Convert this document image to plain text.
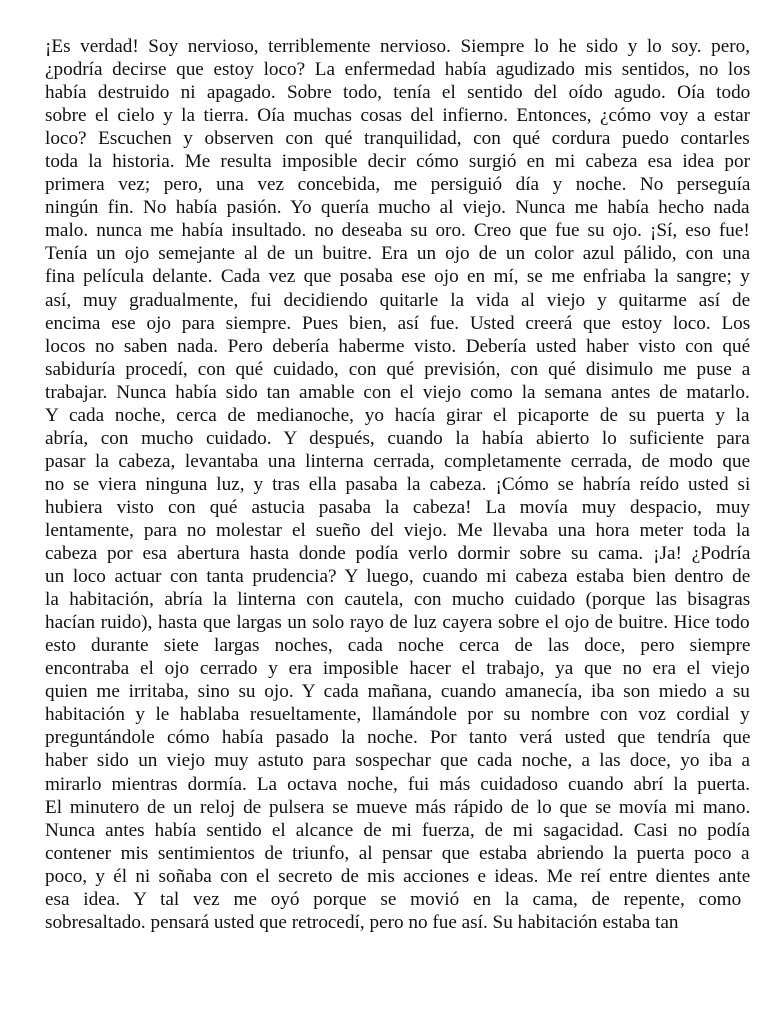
¡Es verdad! Soy nervioso, terriblemente nervioso. Siempre lo he sido y lo soy. pero,
¿podría decirse que estoy loco? La enfermedad había agudizado mis sentidos, no los
había destruido ni apagado. Sobre todo, tenía el sentido del oído agudo. Oía todo
sobre el cielo y la tierra. Oía muchas cosas del infierno. Entonces, ¿cómo voy a estar
loco? Escuchen y observen con qué tranquilidad, con qué cordura puedo contarles
toda la historia. Me resulta imposible decir cómo surgió en mi cabeza esa idea por
primera vez; pero, una vez concebida, me persiguió día y noche. No perseguía
ningún fin. No había pasión. Yo quería mucho al viejo. Nunca me había hecho nada
malo. nunca me había insultado. no deseaba su oro. Creo que fue su ojo. ¡Sí, eso fue!
Tenía un ojo semejante al de un buitre. Era un ojo de un color azul pálido, con una
fina película delante. Cada vez que posaba ese ojo en mí, se me enfriaba la sangre; y
así, muy gradualmente, fui decidiendo quitarle la vida al viejo y quitarme así de
encima ese ojo para siempre. Pues bien, así fue. Usted creerá que estoy loco. Los
locos no saben nada. Pero debería haberme visto. Debería usted haber visto con qué
sabiduría procedí, con qué cuidado, con qué previsión, con qué disimulo me puse a
trabajar. Nunca había sido tan amable con el viejo como la semana antes de matarlo.
Y cada noche, cerca de medianoche, yo hacía girar el picaporte de su puerta y la
abría, con mucho cuidado. Y después, cuando la había abierto lo suficiente para
pasar la cabeza, levantaba una linterna cerrada, completamente cerrada, de modo que
no se viera ninguna luz, y tras ella pasaba la cabeza. ¡Cómo se habría reído usted si
hubiera visto con qué astucia pasaba la cabeza! La movía muy despacio, muy
lentamente, para no molestar el sueño del viejo. Me llevaba una hora meter toda la
cabeza por esa abertura hasta donde podía verlo dormir sobre su cama. ¡Ja! ¿Podría
un loco actuar con tanta prudencia? Y luego, cuando mi cabeza estaba bien dentro de
la habitación, abría la linterna con cautela, con mucho cuidado (porque las bisagras
hacían ruido), hasta que largas un solo rayo de luz cayera sobre el ojo de buitre. Hice todo
esto durante siete largas noches, cada noche cerca de las doce, pero siempre
encontraba el ojo cerrado y era imposible hacer el trabajo, ya que no era el viejo
quien me irritaba, sino su ojo. Y cada mañana, cuando amanecía, iba son miedo a su
habitación y le hablaba resueltamente, llamándole por su nombre con voz cordial y
preguntándole cómo había pasado la noche. Por tanto verá usted que tendría que
haber sido un viejo muy astuto para sospechar que cada noche, a las doce, yo iba a
mirarlo mientras dormía. La octava noche, fui más cuidadoso cuando abrí la puerta.
El minutero de un reloj de pulsera se mueve más rápido de lo que se movía mi mano.
Nunca antes había sentido el alcance de mi fuerza, de mi sagacidad. Casi no podía
contener mis sentimientos de triunfo, al pensar que estaba abriendo la puerta poco a
poco, y él ni soñaba con el secreto de mis acciones e ideas. Me reí entre dientes ante
esa idea. Y tal vez me oyó porque se movió en la cama, de repente, como
sobresaltado. pensará usted que retrocedí, pero no fue así. Su habitación estaba tan
